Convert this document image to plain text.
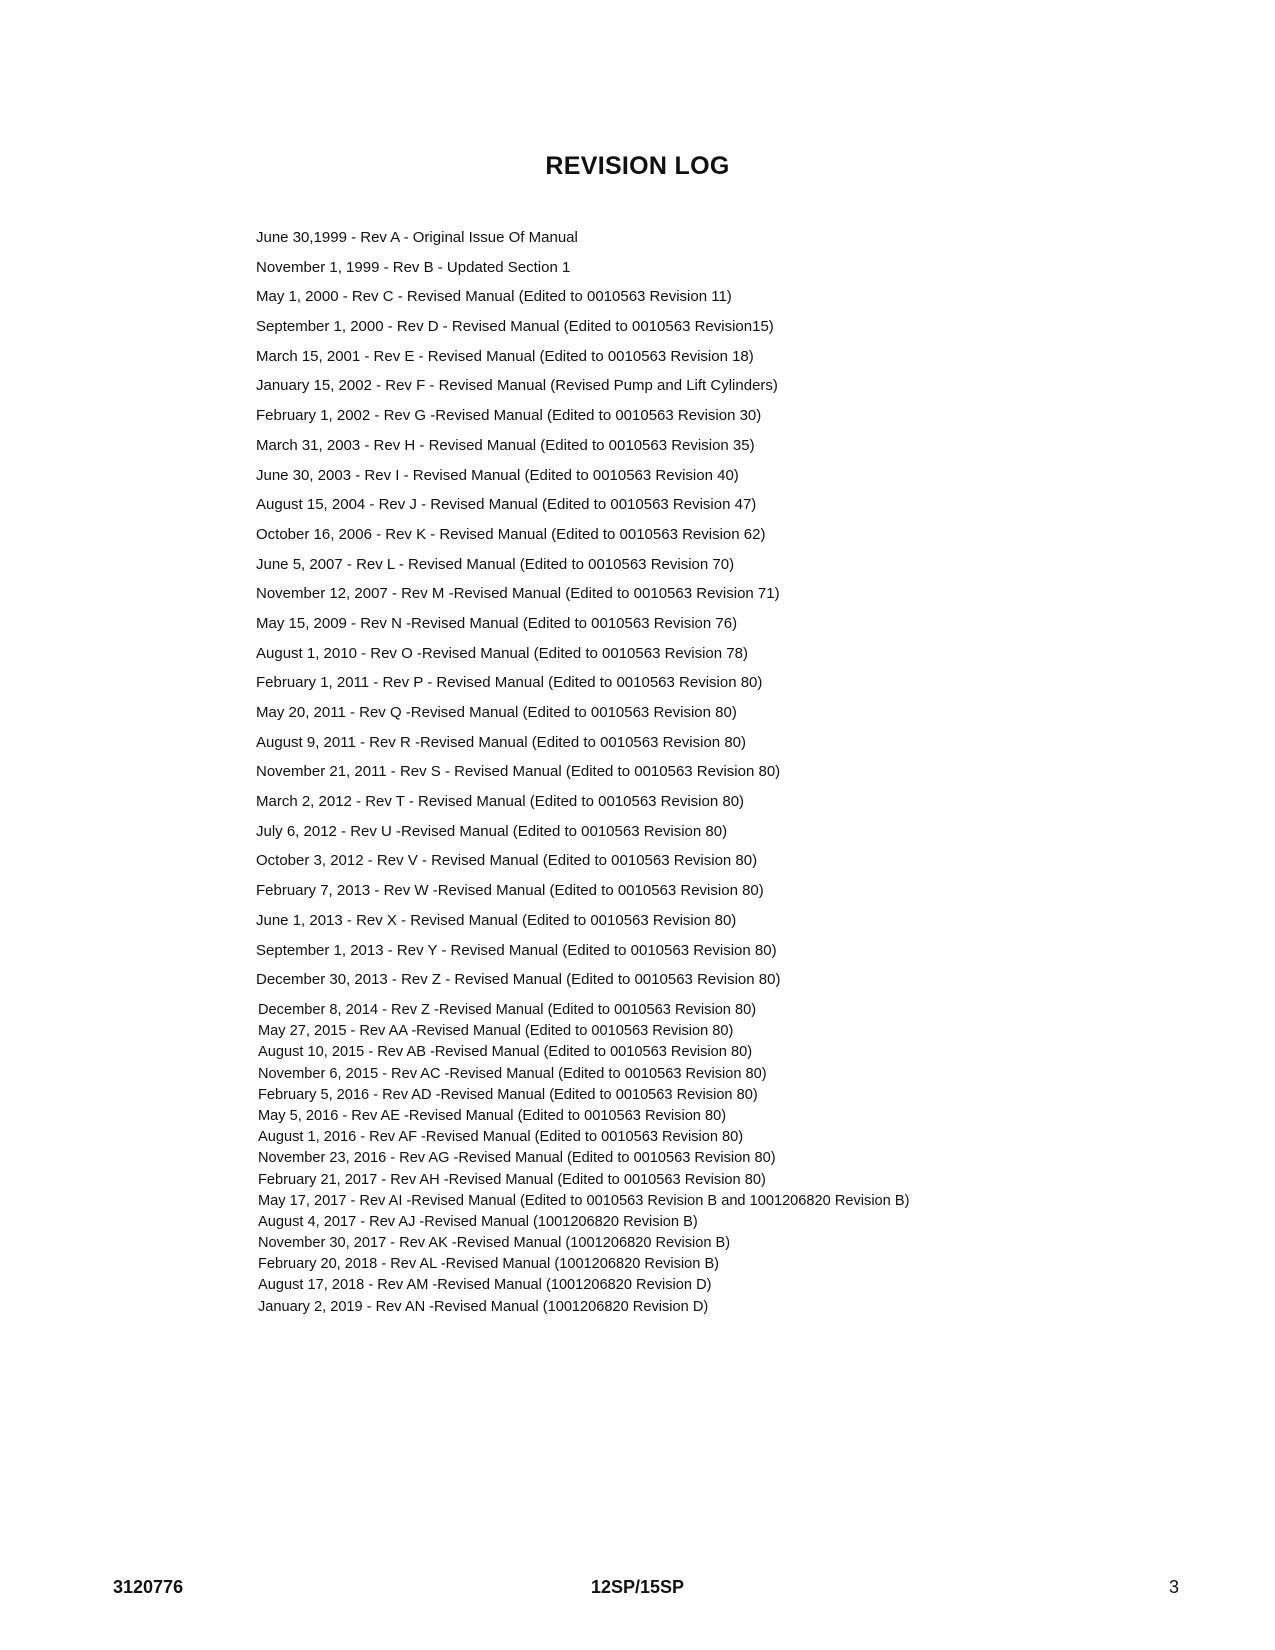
REVISION LOG
June 30,1999 - Rev A - Original Issue Of Manual
November 1, 1999 - Rev B - Updated Section 1
May 1, 2000 - Rev C - Revised Manual (Edited to 0010563 Revision 11)
September 1, 2000 - Rev D - Revised Manual (Edited to 0010563 Revision15)
March 15, 2001 - Rev E - Revised Manual (Edited to 0010563 Revision 18)
January 15, 2002 - Rev F - Revised Manual (Revised Pump and Lift Cylinders)
February 1, 2002 - Rev G -Revised Manual (Edited to 0010563 Revision 30)
March 31, 2003 - Rev H - Revised Manual (Edited to 0010563 Revision 35)
June 30, 2003 - Rev I - Revised Manual (Edited to 0010563 Revision 40)
August 15, 2004 - Rev J - Revised Manual (Edited to 0010563 Revision 47)
October 16, 2006 - Rev K - Revised Manual (Edited to 0010563 Revision 62)
June 5, 2007 - Rev L - Revised Manual (Edited to 0010563 Revision 70)
November 12, 2007 - Rev M -Revised Manual (Edited to 0010563 Revision 71)
May 15, 2009 - Rev N -Revised Manual (Edited to 0010563 Revision 76)
August 1, 2010 - Rev O -Revised Manual (Edited to 0010563 Revision 78)
February 1, 2011 - Rev P - Revised Manual (Edited to 0010563 Revision 80)
May 20, 2011 - Rev Q -Revised Manual (Edited to 0010563 Revision 80)
August 9, 2011 - Rev R -Revised Manual (Edited to 0010563 Revision 80)
November 21, 2011 - Rev S - Revised Manual (Edited to 0010563 Revision 80)
March 2, 2012 - Rev T - Revised Manual (Edited to 0010563 Revision 80)
July 6, 2012 - Rev U -Revised Manual (Edited to 0010563 Revision 80)
October 3, 2012 - Rev V - Revised Manual (Edited to 0010563 Revision 80)
February 7, 2013 - Rev W -Revised Manual (Edited to 0010563 Revision 80)
June 1, 2013 - Rev X - Revised Manual (Edited to 0010563 Revision 80)
September 1, 2013 - Rev Y - Revised Manual (Edited to 0010563 Revision 80)
December 30, 2013 - Rev Z - Revised Manual (Edited to 0010563 Revision 80)
December 8, 2014 - Rev Z -Revised Manual (Edited to 0010563 Revision 80)
May 27, 2015 - Rev AA -Revised Manual (Edited to 0010563 Revision 80)
August 10, 2015 - Rev AB -Revised Manual (Edited to 0010563 Revision 80)
November 6, 2015 - Rev AC -Revised Manual (Edited to 0010563 Revision 80)
February 5, 2016 - Rev AD -Revised Manual (Edited to 0010563 Revision 80)
May 5, 2016 - Rev AE -Revised Manual (Edited to 0010563 Revision 80)
August 1, 2016 - Rev AF -Revised Manual (Edited to 0010563 Revision 80)
November 23, 2016 - Rev AG -Revised Manual (Edited to 0010563 Revision 80)
February 21, 2017 - Rev AH -Revised Manual (Edited to 0010563 Revision 80)
May 17, 2017 - Rev AI -Revised Manual (Edited to 0010563 Revision B and 1001206820 Revision B)
August 4, 2017 - Rev AJ -Revised Manual (1001206820 Revision B)
November 30, 2017 - Rev AK -Revised Manual (1001206820 Revision B)
February 20, 2018 - Rev AL -Revised Manual (1001206820 Revision B)
August 17, 2018 - Rev AM -Revised Manual (1001206820 Revision D)
January 2, 2019 - Rev AN -Revised Manual (1001206820 Revision D)
3120776	12SP/15SP	3
